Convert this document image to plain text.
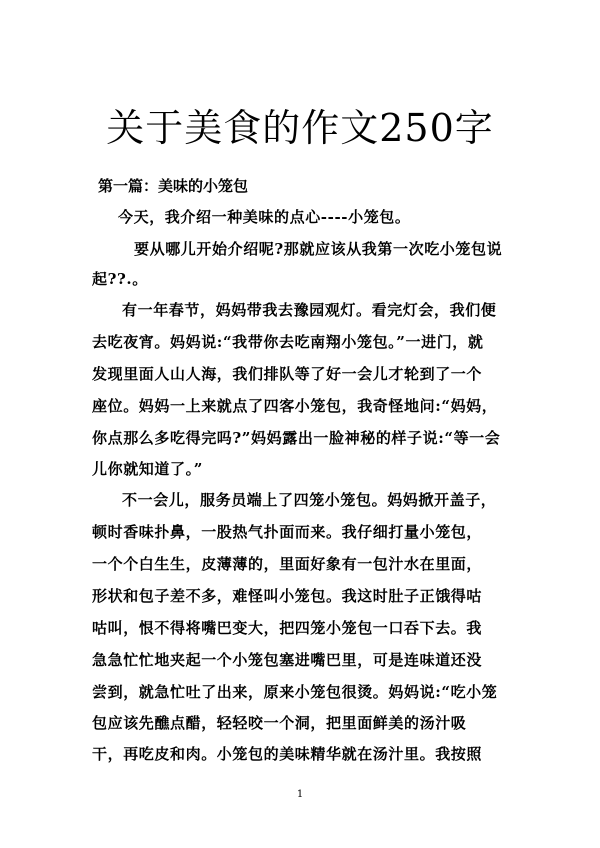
关于美食的作文250字
第一篇：美味的小笼包
今天，我介绍一种美味的点心----小笼包。
要从哪儿开始介绍呢?那就应该从我第一次吃小笼包说
起??.。
有一年春节，妈妈带我去豫园观灯。看完灯会，我们便
去吃夜宵。妈妈说:“我带你去吃南翔小笼包。”一进门，就
发现里面人山人海，我们排队等了好一会儿才轮到了一个
座位。妈妈一上来就点了四客小笼包，我奇怪地问:“妈妈，
你点那么多吃得完吗?”妈妈露出一脸神秘的样子说:“等一会
儿你就知道了。”
不一会儿，服务员端上了四笼小笼包。妈妈掀开盖子，
顿时香味扑鼻，一股热气扑面而来。我仔细打量小笼包，
一个个白生生，皮薄薄的，里面好象有一包汁水在里面，
形状和包子差不多，难怪叫小笼包。我这时肚子正饿得咕
咕叫，恨不得将嘴巴变大，把四笼小笼包一口吞下去。我
急急忙忙地夹起一个小笼包塞进嘴巴里，可是连味道还没
尝到，就急忙吐了出来，原来小笼包很烫。妈妈说:“吃小笼
包应该先醮点醋，轻轻咬一个洞，把里面鲜美的汤汁吸
干，再吃皮和肉。小笼包的美味精华就在汤汁里。我按照
1
